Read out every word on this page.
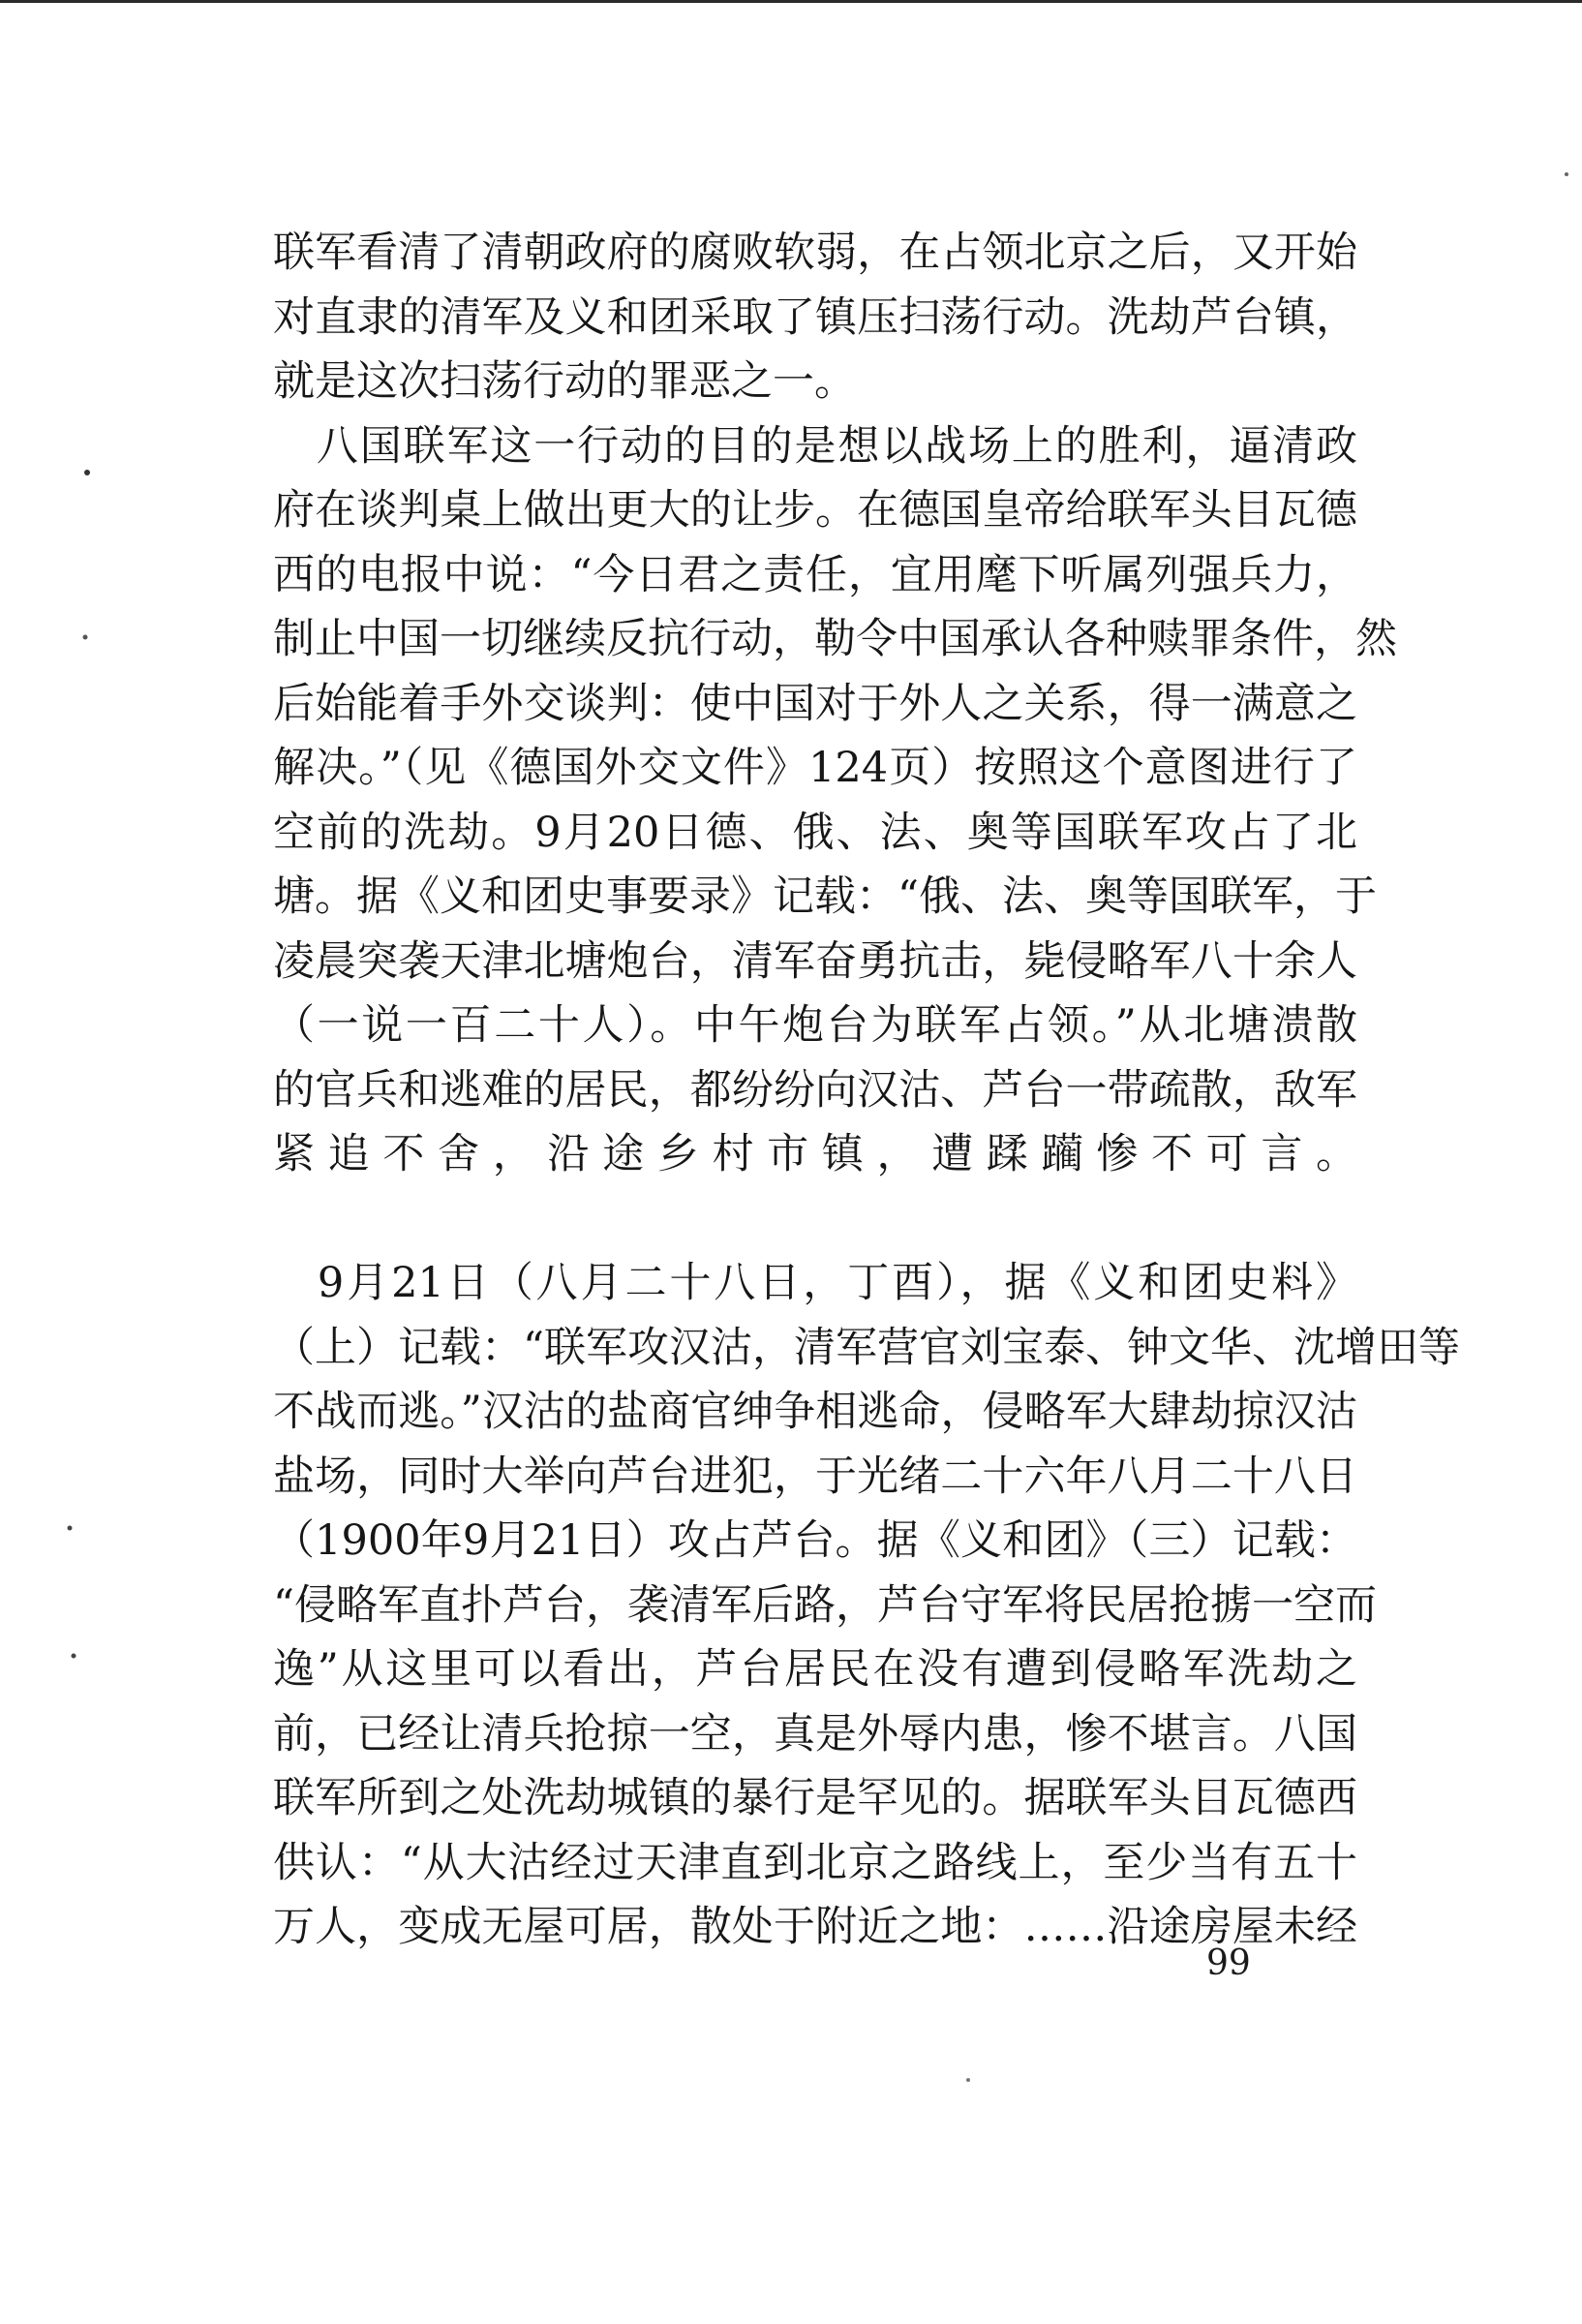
联军看清了清朝政府的腐败软弱，在占领北京之后，又开始
对直隶的清军及义和团采取了镇压扫荡行动。洗劫芦台镇，
就是这次扫荡行动的罪恶之一。
　八国联军这一行动的目的是想以战场上的胜利，逼清政
府在谈判桌上做出更大的让步。在德国皇帝给联军头目瓦德
西的电报中说：“今日君之责任，宜用麾下听属列强兵力，
制止中国一切继续反抗行动，勒令中国承认各种赎罪条件，然
后始能着手外交谈判：使中国对于外人之关系，得一满意之
解决。”（见《德国外交文件》124页）按照这个意图进行了
空前的洗劫。9月20日德、俄、法、奥等国联军攻占了北
塘。据《义和团史事要录》记载：“俄、法、奥等国联军，于
凌晨突袭天津北塘炮台，清军奋勇抗击，毙侵略军八十余人
（一说一百二十人）。中午炮台为联军占领。”从北塘溃散
的官兵和逃难的居民，都纷纷向汉沽、芦台一带疏散，敌军
紧追不舍，沿途乡村市镇，遭蹂躏惨不可言。
　9月21日（八月二十八日，丁酉），据《义和团史料》
（上）记载：“联军攻汉沽，清军营官刘宝泰、钟文华、沈增田等
不战而逃。”汉沽的盐商官绅争相逃命，侵略军大肆劫掠汉沽
盐场，同时大举向芦台进犯，于光绪二十六年八月二十八日
（1900年9月21日）攻占芦台。据《义和团》（三）记载：
“侵略军直扑芦台，袭清军后路，芦台守军将民居抢掳一空而
逸”从这里可以看出，芦台居民在没有遭到侵略军洗劫之
前，已经让清兵抢掠一空，真是外辱内患，惨不堪言。八国
联军所到之处洗劫城镇的暴行是罕见的。据联军头目瓦德西
供认：“从大沽经过天津直到北京之路线上，至少当有五十
万人，变成无屋可居，散处于附近之地：……沿途房屋未经
99
